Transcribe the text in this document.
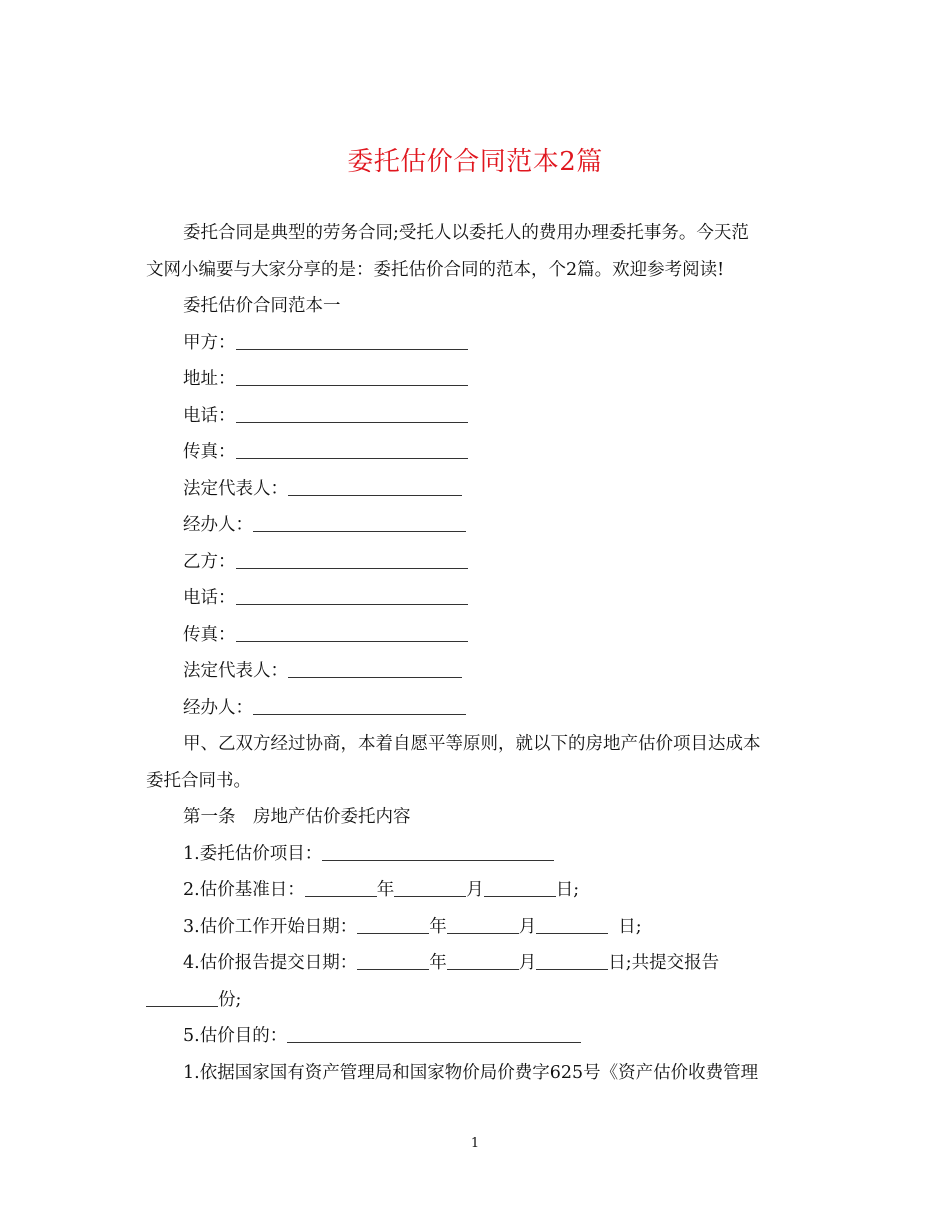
委托估价合同范本2篇
委托合同是典型的劳务合同;受托人以委托人的费用办理委托事务。今天范
文网小编要与大家分享的是：委托估价合同的范本，个2篇。欢迎参考阅读!
委托估价合同范本一
甲方：
地址：
电话：
传真：
法定代表人：
经办人：
乙方：
电话：
传真：
法定代表人：
经办人：
甲、乙双方经过协商，本着自愿平等原则，就以下的房地产估价项目达成本
委托合同书。
第一条　房地产估价委托内容
1.委托估价项目：
2.估价基准日：	年	月	日;
3.估价工作开始日期：	年	月	日;
4.估价报告提交日期：	年	月	日;共提交报告
份;
5.估价目的：
1.依据国家国有资产管理局和国家物价局价费字625号《资产估价收费管理
1
